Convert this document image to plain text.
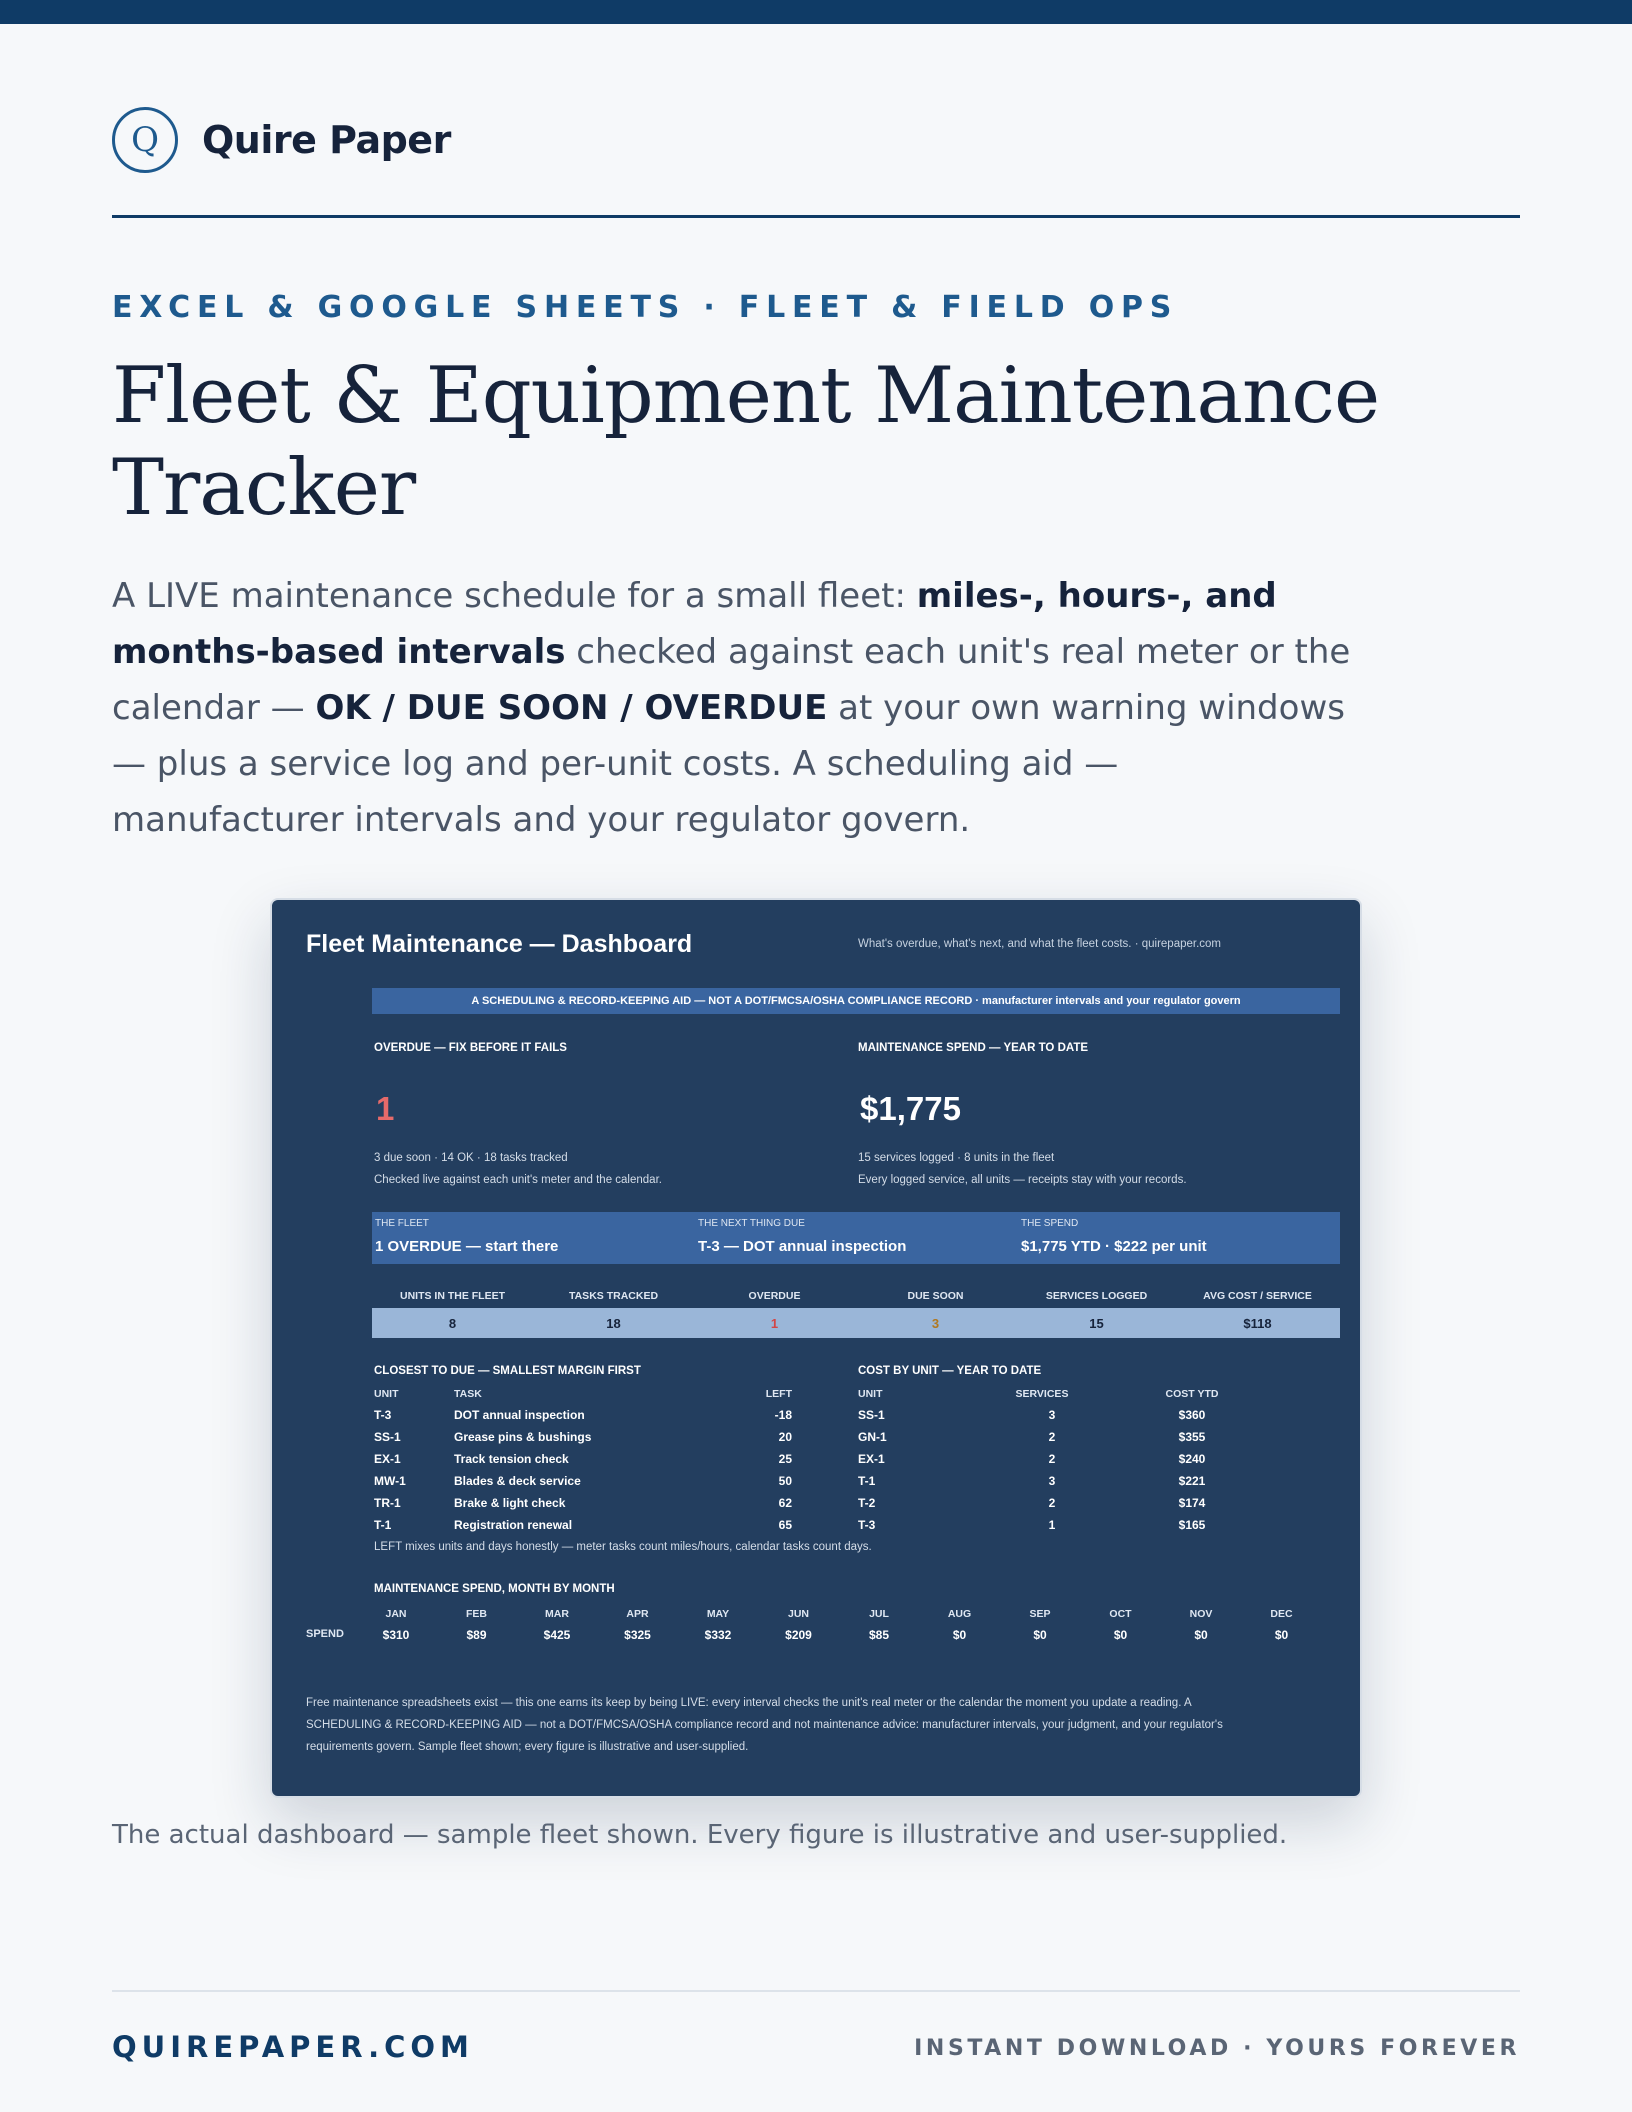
Q	Quire Paper
EXCEL & GOOGLE SHEETS · FLEET & FIELD OPS
Fleet & Equipment Maintenance Tracker

A LIVE maintenance schedule for a small fleet: miles-, hours-, and months-based intervals checked against each unit's real meter or the calendar — OK / DUE SOON / OVERDUE at your own warning windows — plus a service log and per-unit costs. A scheduling aid — manufacturer intervals and your regulator govern.

Fleet Maintenance — Dashboard	What's overdue, what's next, and what the fleet costs. · quirepaper.com
A SCHEDULING & RECORD-KEEPING AID — NOT A DOT/FMCSA/OSHA COMPLIANCE RECORD · manufacturer intervals and your regulator govern
OVERDUE — FIX BEFORE IT FAILS
1
3 due soon · 14 OK · 18 tasks tracked
Checked live against each unit's meter and the calendar.
MAINTENANCE SPEND — YEAR TO DATE
$1,775
15 services logged · 8 units in the fleet
Every logged service, all units — receipts stay with your records.
THE FLEET
1 OVERDUE — start there
THE NEXT THING DUE
T-3 — DOT annual inspection
THE SPEND
$1,775 YTD · $222 per unit
UNITS IN THE FLEET	TASKS TRACKED	OVERDUE	DUE SOON	SERVICES LOGGED	AVG COST / SERVICE
8	18	1	3	15	$118
CLOSEST TO DUE — SMALLEST MARGIN FIRST
UNIT	TASK	LEFT
T-3	DOT annual inspection	-18
SS-1	Grease pins & bushings	20
EX-1	Track tension check	25
MW-1	Blades & deck service	50
TR-1	Brake & light check	62
T-1	Registration renewal	65
LEFT mixes units and days honestly — meter tasks count miles/hours, calendar tasks count days.
COST BY UNIT — YEAR TO DATE
UNIT	SERVICES	COST YTD
SS-1	3	$360
GN-1	2	$355
EX-1	2	$240
T-1	3	$221
T-2	2	$174
T-3	1	$165
MAINTENANCE SPEND, MONTH BY MONTH
SPEND
JAN
$310
FEB
$89
MAR
$425
APR
$325
MAY
$332
JUN
$209
JUL
$85
AUG
$0
SEP
$0
OCT
$0
NOV
$0
DEC
$0
Free maintenance spreadsheets exist — this one earns its keep by being LIVE: every interval checks the unit's real meter or the calendar the moment you update a reading. A SCHEDULING & RECORD-KEEPING AID — not a DOT/FMCSA/OSHA compliance record and not maintenance advice: manufacturer intervals, your judgment, and your regulator's requirements govern. Sample fleet shown; every figure is illustrative and user-supplied.
The actual dashboard — sample fleet shown. Every figure is illustrative and user-supplied.
QUIREPAPER.COM	INSTANT DOWNLOAD · YOURS FOREVER
